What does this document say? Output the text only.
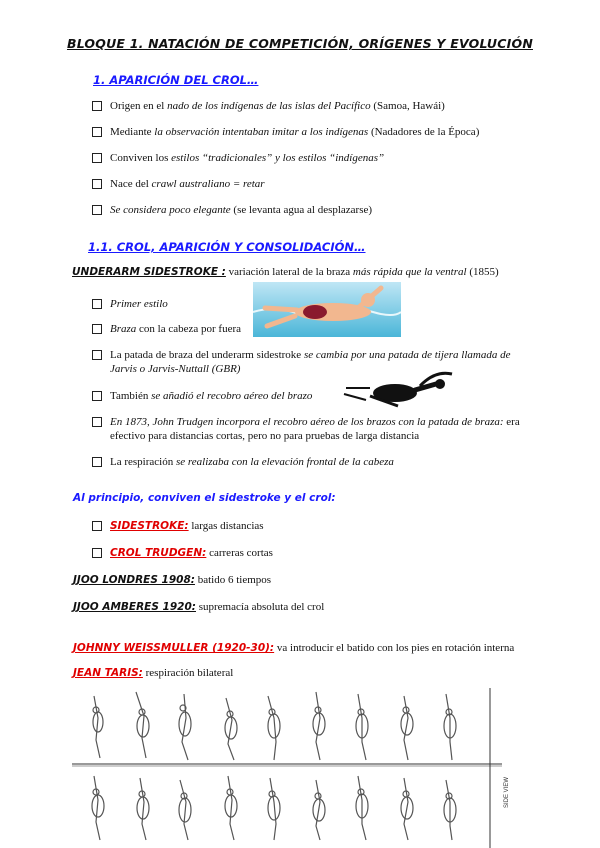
BLOQUE 1. NATACIÓN DE COMPETICIÓN, ORÍGENES Y EVOLUCIÓN
1. APARICIÓN DEL CROL…
Origen en el nado de los indígenas de las islas del Pacífico (Samoa, Hawái)
Mediante la observación intentaban imitar a los indígenas (Nadadores de la Época)
Conviven los estilos “tradicionales” y los estilos “indígenas”
Nace del crawl australiano = retar
Se considera poco elegante (se levanta agua al desplazarse)
1.1. CROL, APARICIÓN Y CONSOLIDACIÓN…
UNDERARM SIDESTROKE : variación lateral de la braza más rápida que la ventral (1855)
Primer estilo
Braza con la cabeza por fuera
La patada de braza del underarm sidestroke se cambia por una patada de tijera llamada de Jarvis o Jarvis-Nuttall (GBR)
También se añadió el recobro aéreo del brazo
En 1873, John Trudgen incorpora el recobro aéreo de los brazos con la patada de braza: era efectivo para distancias cortas, pero no para pruebas de larga distancia
La respiración se realizaba con la elevación frontal de la cabeza
Al principio, conviven el sidestroke y el crol:
SIDESTROKE: largas distancias
CROL TRUDGEN: carreras cortas
JJOO LONDRES 1908: batido 6 tiempos
JJOO AMBERES 1920: supremacía absoluta del crol
JOHNNY WEISSMULLER (1920-30): va introducir el batido con los pies en rotación interna
JEAN TARIS: respiración bilateral
SIDE VIEW
